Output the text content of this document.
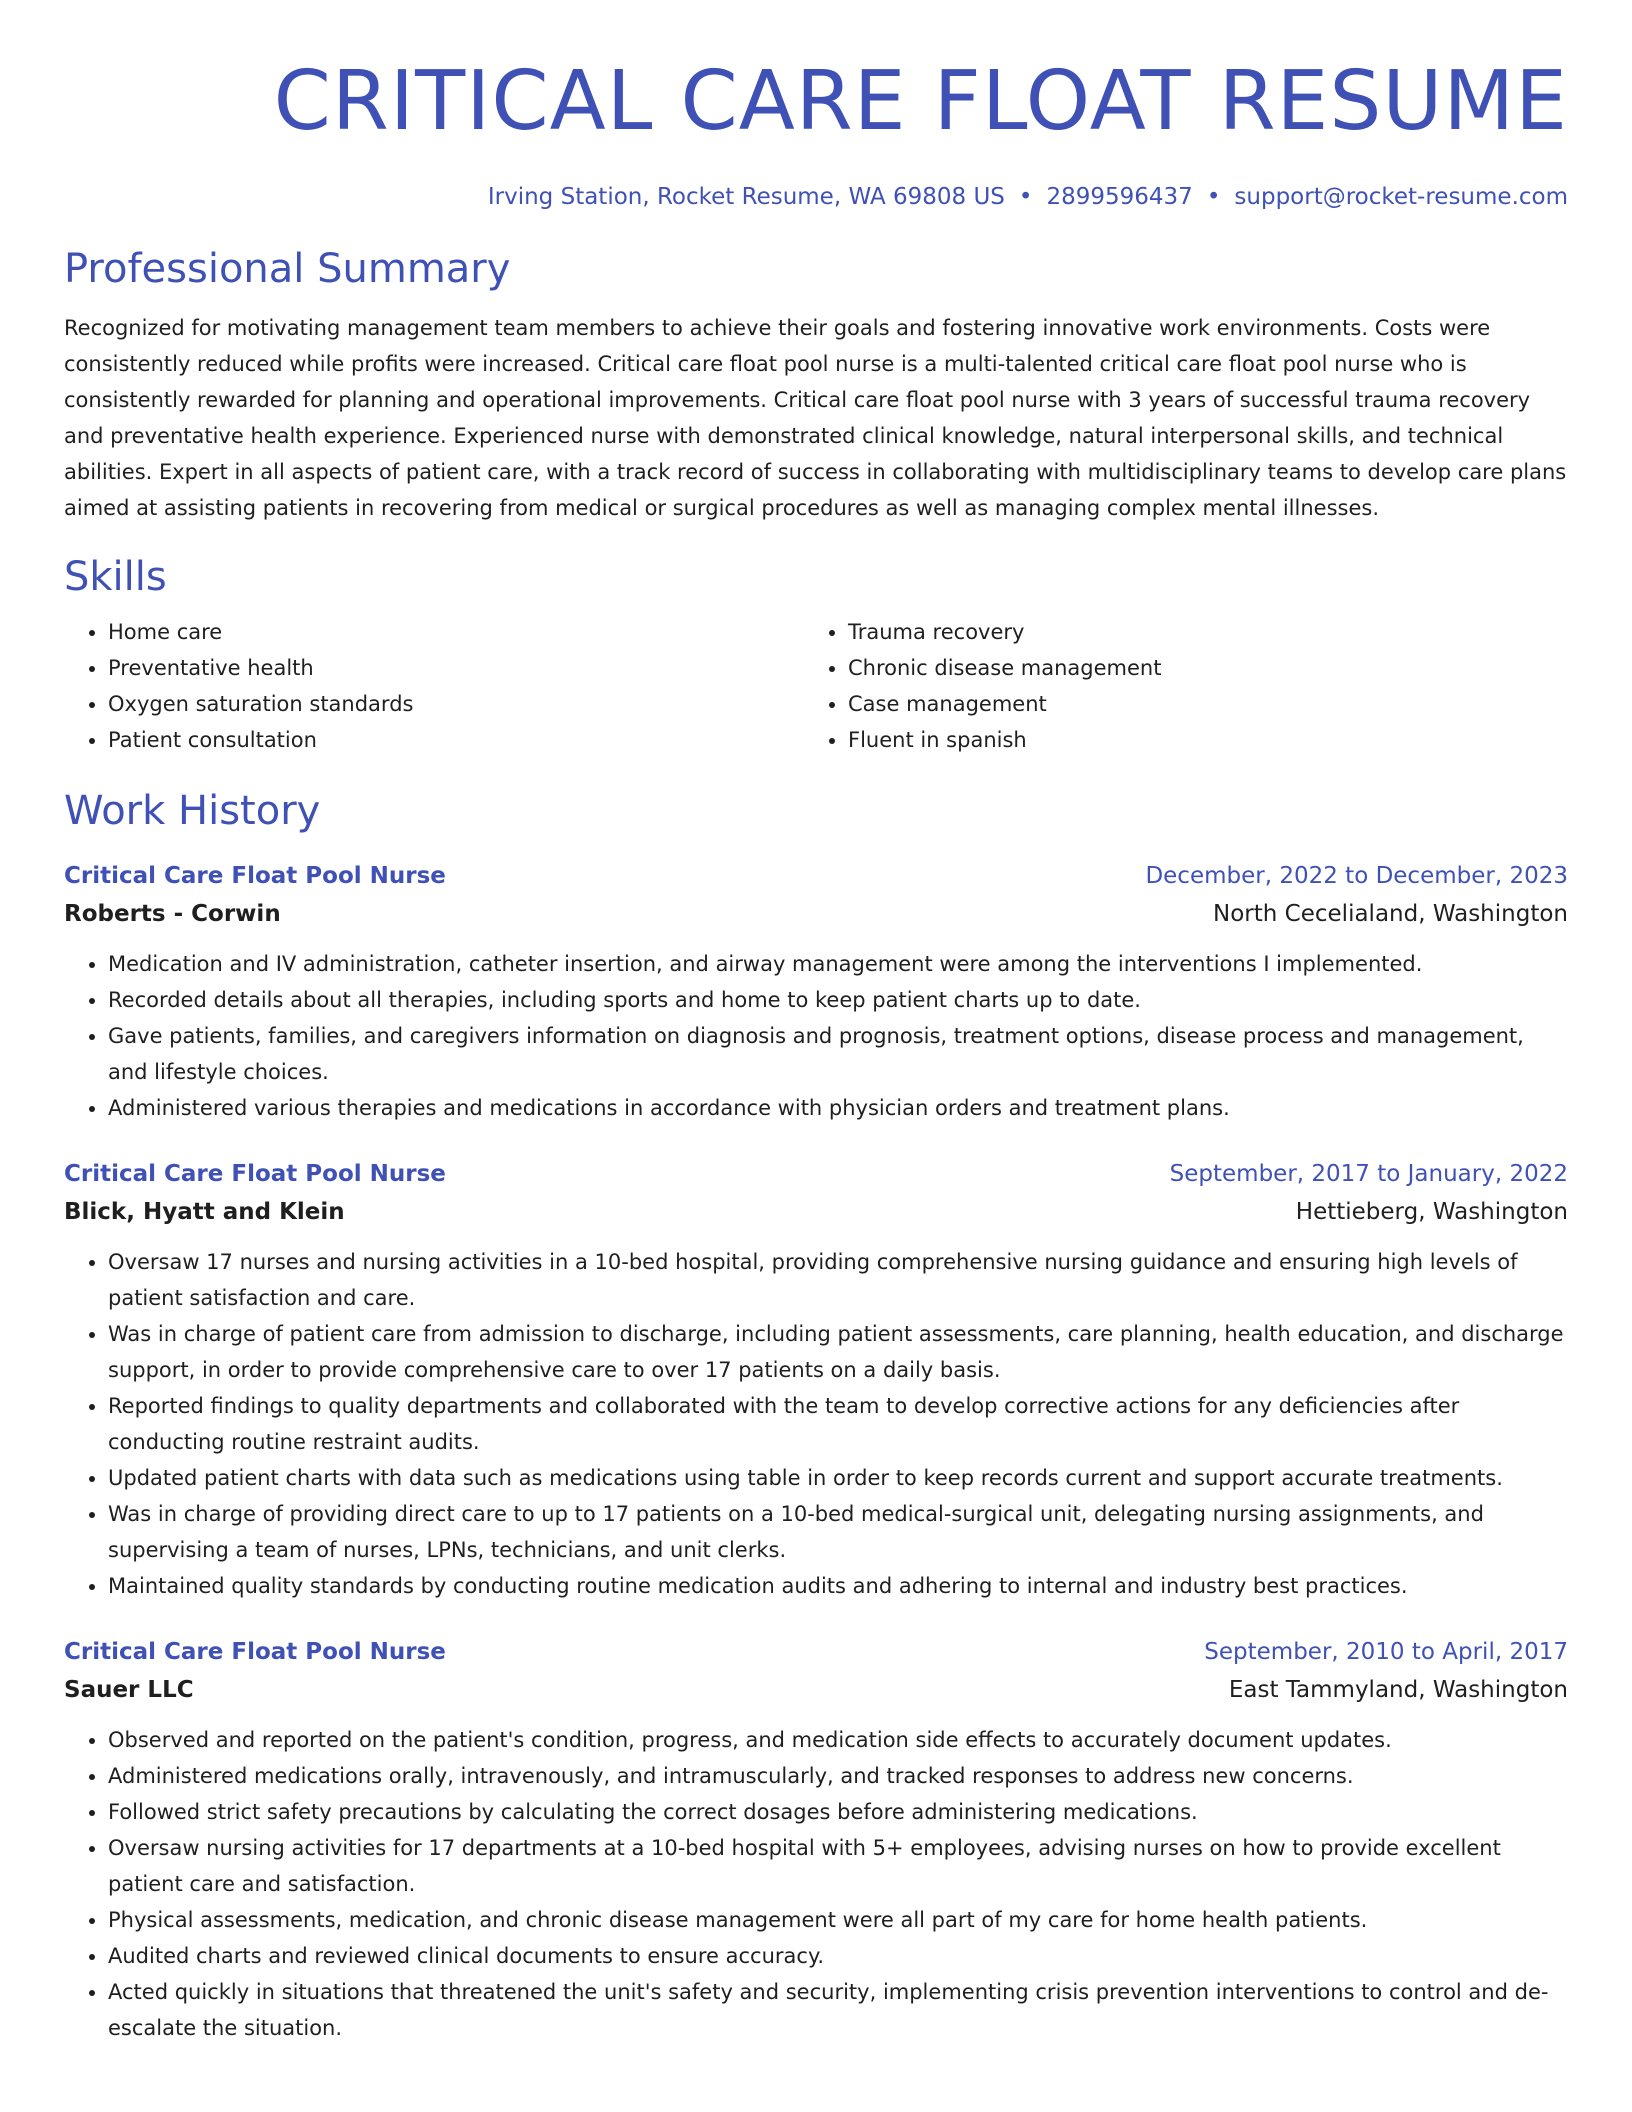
CRITICAL CARE FLOAT RESUME
Irving Station, Rocket Resume, WA 69808 US • 2899596437 • support@rocket-resume.com
Professional Summary

Recognized for motivating management team members to achieve their goals and fostering innovative work environments. Costs were consistently reduced while profits were increased. Critical care float pool nurse is a multi-talented critical care float pool nurse who is consistently rewarded for planning and operational improvements. Critical care float pool nurse with 3 years of successful trauma recovery and preventative health experience. Experienced nurse with demonstrated clinical knowledge, natural interpersonal skills, and technical abilities. Expert in all aspects of patient care, with a track record of success in collaborating with multidisciplinary teams to develop care plans aimed at assisting patients in recovering from medical or surgical procedures as well as managing complex mental illnesses.

Skills
• Home care
• Preventative health
• Oxygen saturation standards
• Patient consultation
• Trauma recovery
• Chronic disease management
• Case management
• Fluent in spanish
Work History
Critical Care Float Pool Nurse	December, 2022 to December, 2023
Roberts - Corwin	North Cecelialand, Washington
• Medication and IV administration, catheter insertion, and airway management were among the interventions I implemented.
• Recorded details about all therapies, including sports and home to keep patient charts up to date.
• Gave patients, families, and caregivers information on diagnosis and prognosis, treatment options, disease process and management, and lifestyle choices.
• Administered various therapies and medications in accordance with physician orders and treatment plans.
Critical Care Float Pool Nurse	September, 2017 to January, 2022
Blick, Hyatt and Klein	Hettieberg, Washington
• Oversaw 17 nurses and nursing activities in a 10-bed hospital, providing comprehensive nursing guidance and ensuring high levels of patient satisfaction and care.
• Was in charge of patient care from admission to discharge, including patient assessments, care planning, health education, and discharge support, in order to provide comprehensive care to over 17 patients on a daily basis.
• Reported findings to quality departments and collaborated with the team to develop corrective actions for any deficiencies after conducting routine restraint audits.
• Updated patient charts with data such as medications using table in order to keep records current and support accurate treatments.
• Was in charge of providing direct care to up to 17 patients on a 10-bed medical-surgical unit, delegating nursing assignments, and supervising a team of nurses, LPNs, technicians, and unit clerks.
• Maintained quality standards by conducting routine medication audits and adhering to internal and industry best practices.
Critical Care Float Pool Nurse	September, 2010 to April, 2017
Sauer LLC	East Tammyland, Washington
• Observed and reported on the patient's condition, progress, and medication side effects to accurately document updates.
• Administered medications orally, intravenously, and intramuscularly, and tracked responses to address new concerns.
• Followed strict safety precautions by calculating the correct dosages before administering medications.
• Oversaw nursing activities for 17 departments at a 10-bed hospital with 5+ employees, advising nurses on how to provide excellent patient care and satisfaction.
• Physical assessments, medication, and chronic disease management were all part of my care for home health patients.
• Audited charts and reviewed clinical documents to ensure accuracy.
• Acted quickly in situations that threatened the unit's safety and security, implementing crisis prevention interventions to control and de-escalate the situation.
